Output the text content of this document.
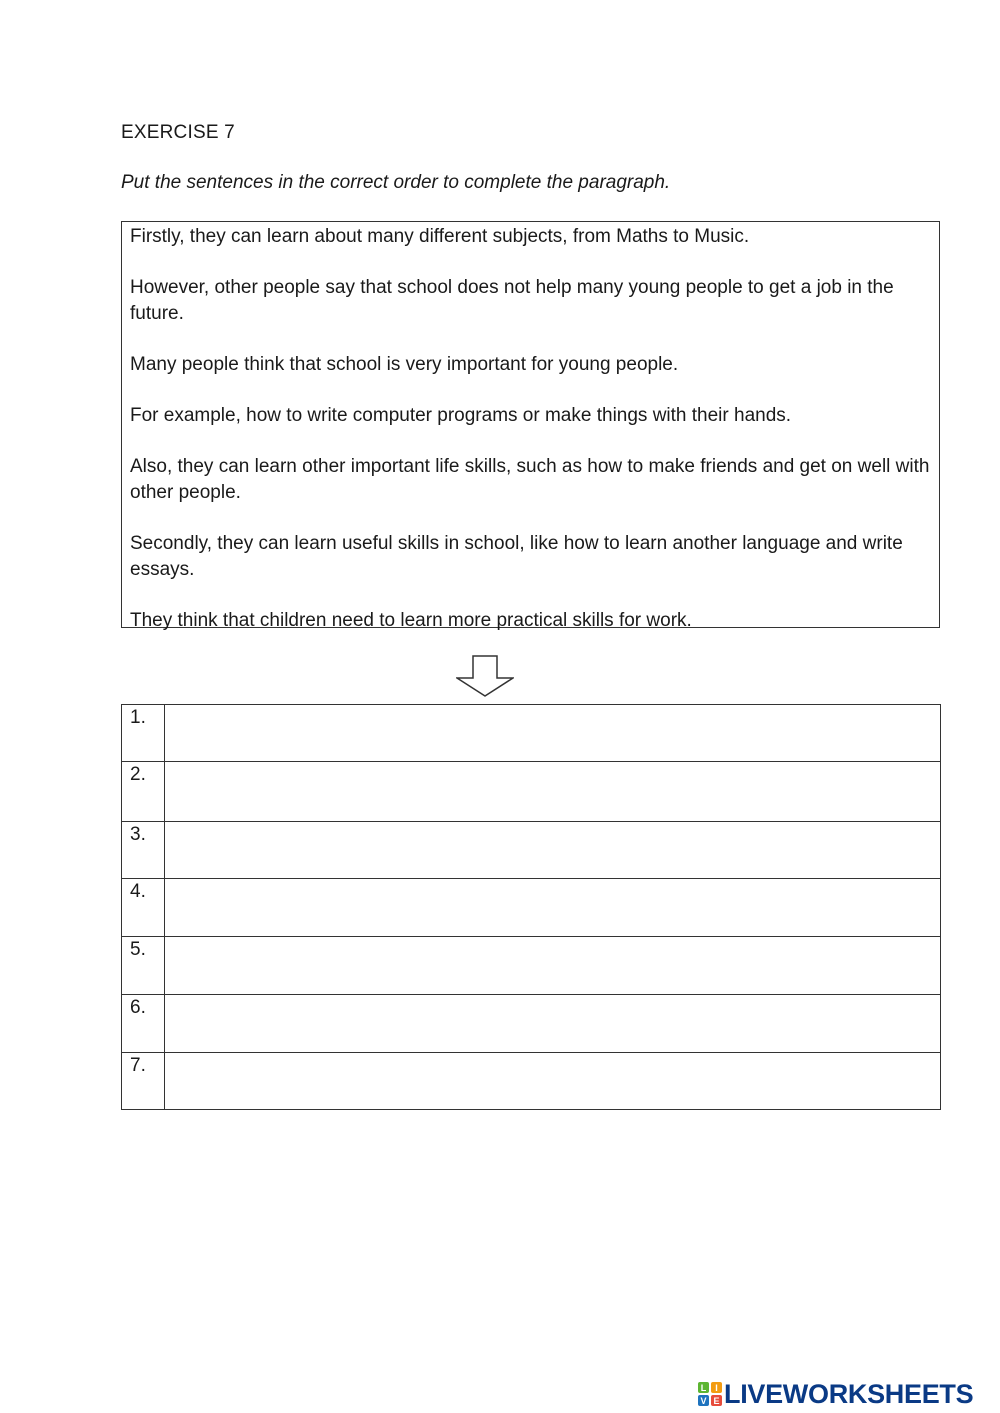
EXERCISE 7
Put the sentences in the correct order to complete the paragraph.

Firstly, they can learn about many different subjects, from Maths to Music.

However, other people say that school does not help many young people to get a job in the future.

Many people think that school is very important for young people.

For example, how to write computer programs or make things with their hands.

Also, they can learn other important life skills, such as how to make friends and get on well with other people.

Secondly, they can learn useful skills in school, like how to learn another language and write essays.

They think that children need to learn more practical skills for work.

1.	
2.	
3.	
4.	
5.	
6.	
7.	
L I
V E LIVEWORKSHEETS
